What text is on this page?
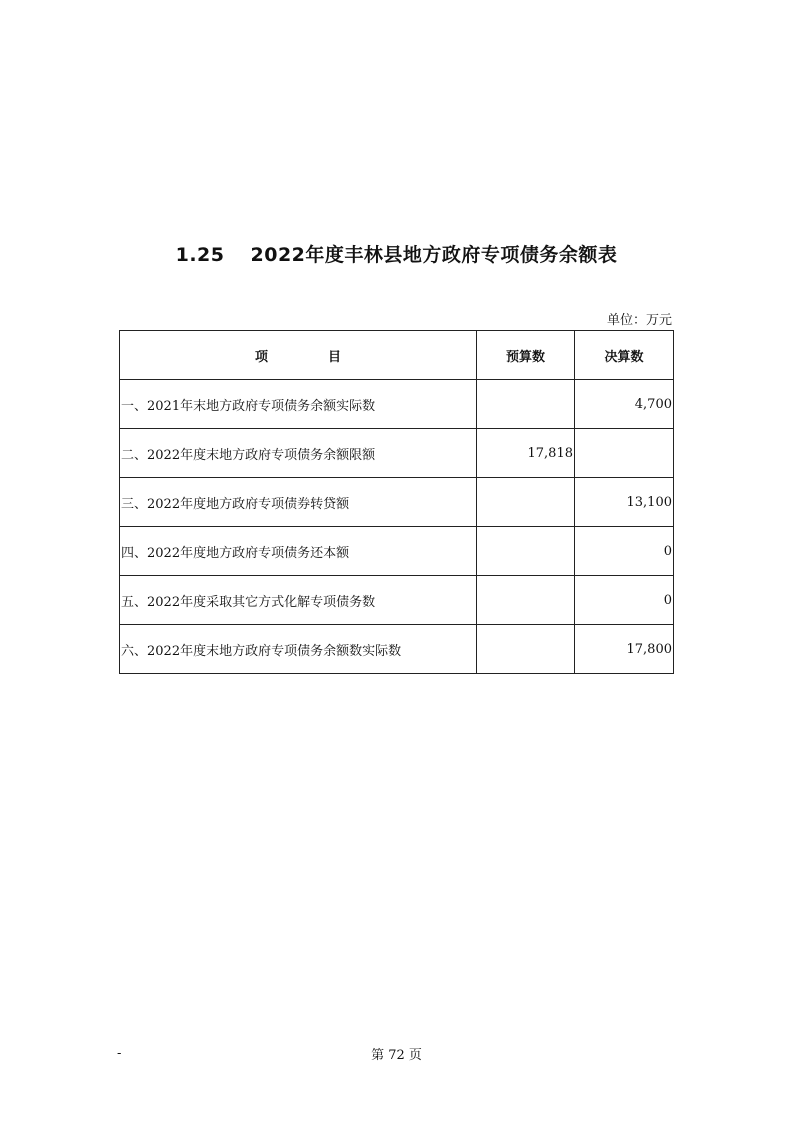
1.25 2022年度丰林县地方政府专项债务余额表
单位：万元
项目	预算数	决算数
一、2021年末地方政府专项债务余额实际数		4,700
二、2022年度末地方政府专项债务余额限额	17,818	
三、2022年度地方政府专项债券转贷额		13,100
四、2022年度地方政府专项债务还本额		0
五、2022年度采取其它方式化解专项债务数		0
六、2022年度末地方政府专项债务余额数实际数		17,800
-	第 72 页
